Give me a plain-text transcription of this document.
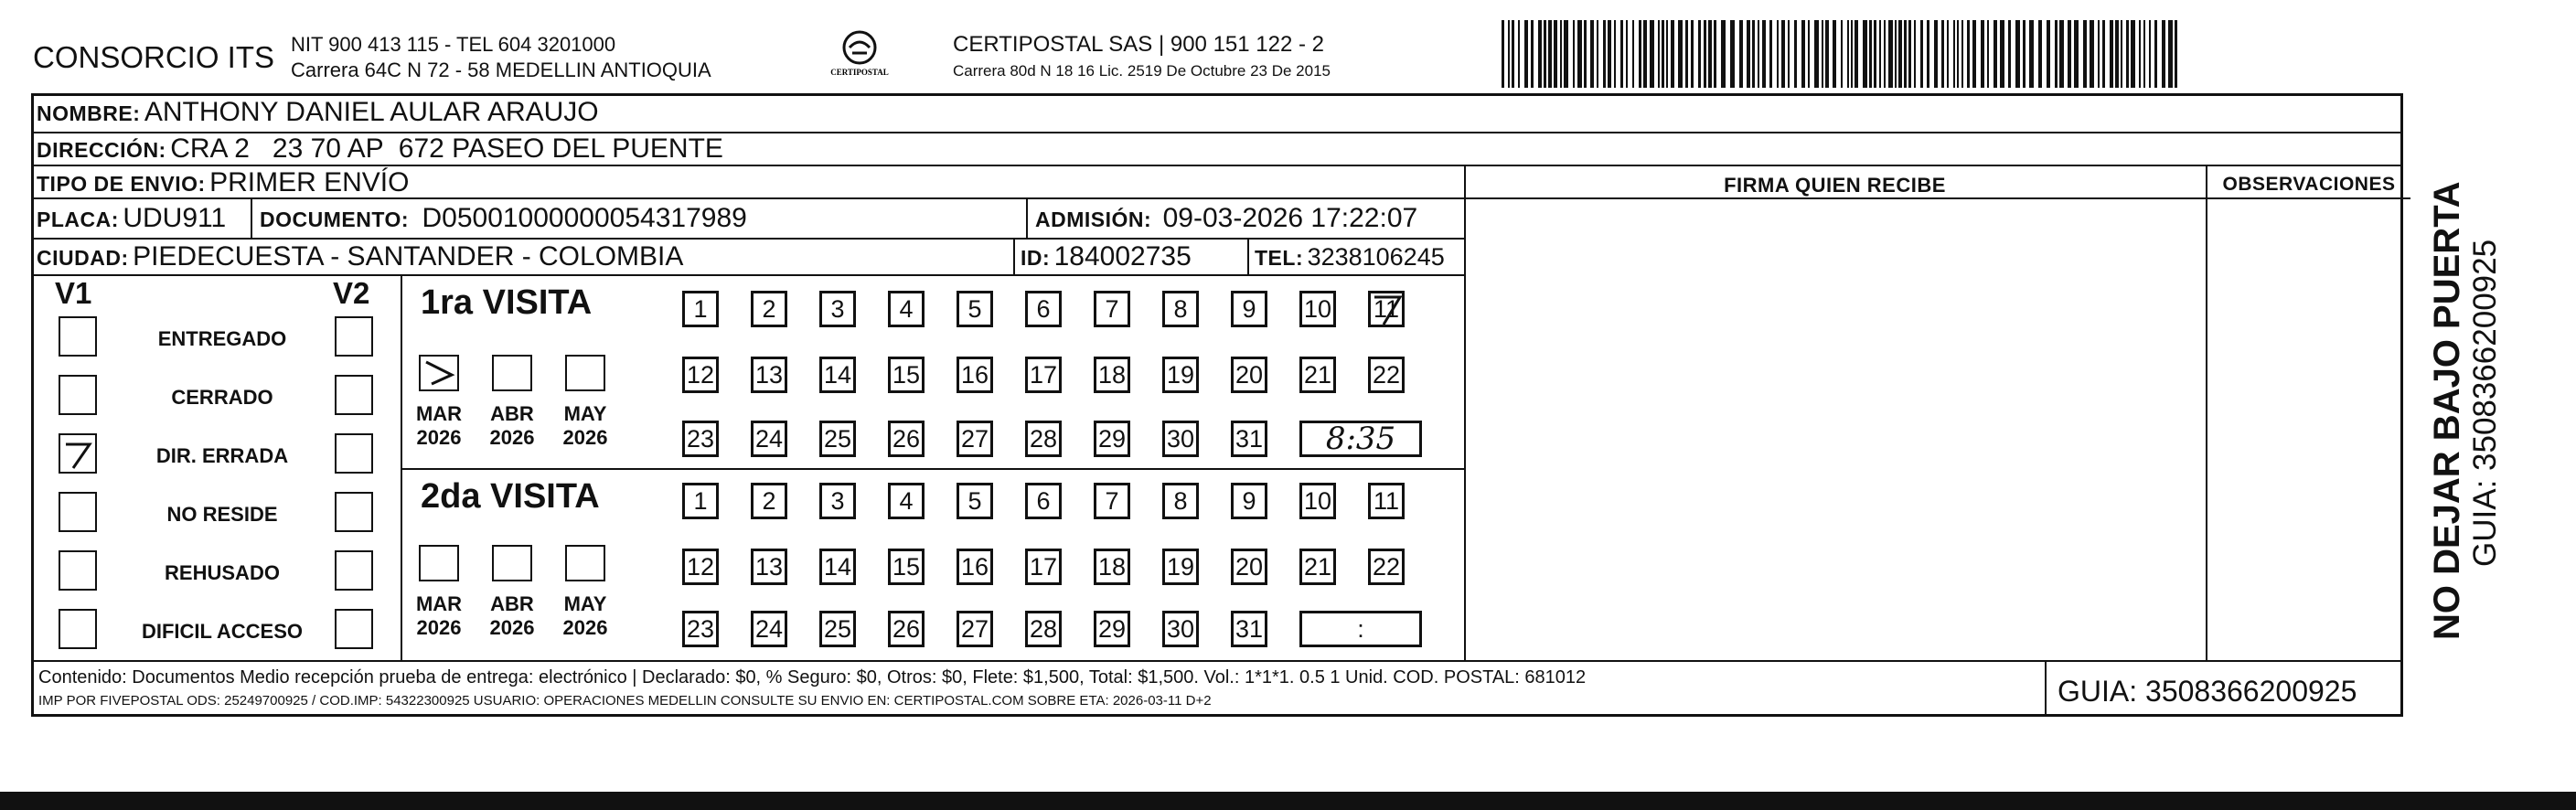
CONSORCIO ITS NIT 900 413 115 - TEL 604 3201000
Carrera 64C N 72 - 58 MEDELLIN ANTIOQUIA	CERTIPOSTAL
CERTIPOSTAL SAS | 900 151 122 - 2
Carrera 80d N 18 16 Lic. 2519 De Octubre 23 De 2015
NOMBRE: ANTHONY DANIEL AULAR ARAUJO
DIRECCIÓN: CRA 2   23 70 AP  672 PASEO DEL PUENTE
TIPO DE ENVIO: PRIMER ENVÍO	FIRMA QUIEN RECIBE	OBSERVACIONES
PLACA: UDU911 DOCUMENTO: D05001000000054317989	ADMISIÓN: 09-03-2026 17:22:07
CIUDAD: PIEDECUESTA - SANTANDER - COLOMBIA	ID: 184002735	TEL: 3238106245
V1	V2
ENTREGADO
CERRADO
DIR. ERRADA
NO RESIDE
REHUSADO
DIFICIL ACCESO
1ra VISITA
2da VISITA
MAR
2026
ABR
2026
MAY
2026
1	2	3	4	5	6	7	8	9	10 11
12 13 14 15 16 17 18 19 20 21 22
23 24 25 26 27 28 29 30 31	8:35
MAR
2026
ABR
2026
MAY
2026
1	2	3	4	5	6	7	8	9	10 11
12 13 14 15 16 17 18 19 20 21 22
23 24 25 26 27 28 29 30 31	:
Contenido: Documentos Medio recepción prueba de entrega: electrónico | Declarado: $0, % Seguro: $0, Otros: $0, Flete: $1,500, Total: $1,500. Vol.: 1*1*1. 0.5 1 Unid. COD. POSTAL: 681012
IMP POR FIVEPOSTAL ODS: 25249700925 / COD.IMP: 54322300925 USUARIO: OPERACIONES MEDELLIN CONSULTE SU ENVIO EN: CERTIPOSTAL.COM SOBRE ETA: 2026-03-11 D+2	GUIA: 3508366200925
NO DEJAR BAJO PUERTA GUIA: 3508366200925
